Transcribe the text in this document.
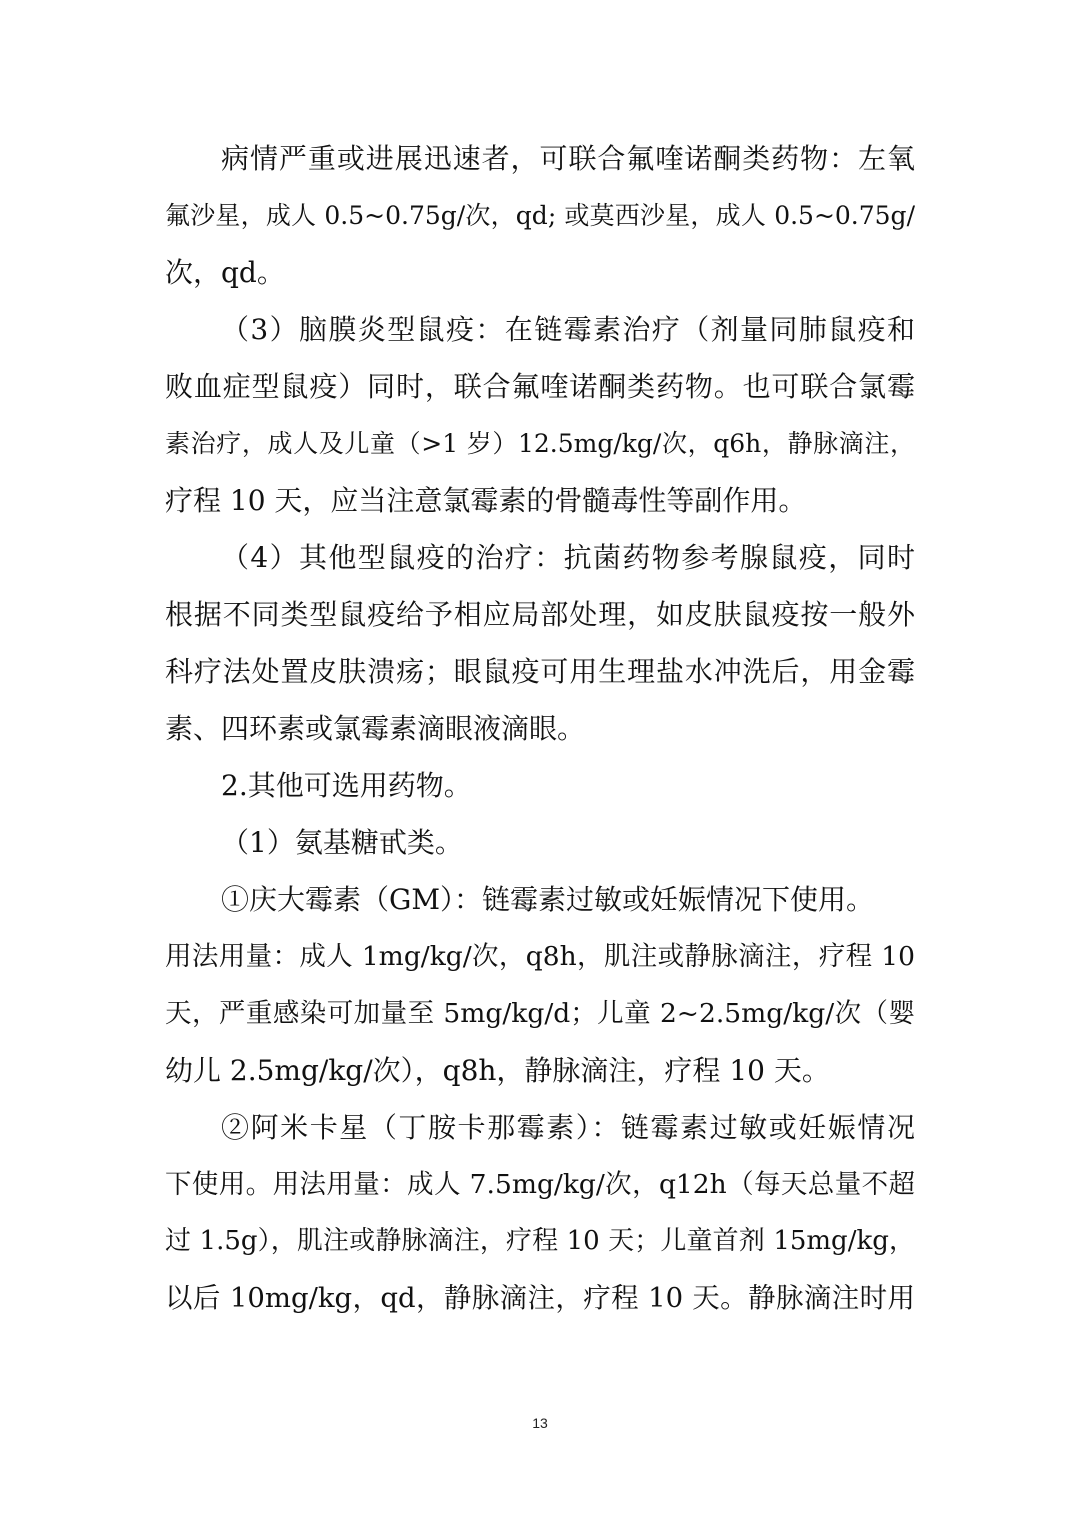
病情严重或进展迅速者，可联合氟喹诺酮类药物：左氧
氟沙星，成人 0.5~0.75g/次，qd; 或莫西沙星，成人 0.5~0.75g/
次，qd。
（3）脑膜炎型鼠疫：在链霉素治疗（剂量同肺鼠疫和
败血症型鼠疫）同时，联合氟喹诺酮类药物。也可联合氯霉
素治疗，成人及儿童（>1 岁）12.5mg/kg/次，q6h，静脉滴注，
疗程 10 天，应当注意氯霉素的骨髓毒性等副作用。
（4）其他型鼠疫的治疗：抗菌药物参考腺鼠疫，同时
根据不同类型鼠疫给予相应局部处理，如皮肤鼠疫按一般外
科疗法处置皮肤溃疡；眼鼠疫可用生理盐水冲洗后，用金霉
素、四环素或氯霉素滴眼液滴眼。
2.其他可选用药物。
（1）氨基糖甙类。
①庆大霉素（GM）：链霉素过敏或妊娠情况下使用。
用法用量：成人 1mg/kg/次，q8h，肌注或静脉滴注，疗程 10
天，严重感染可加量至 5mg/kg/d；儿童 2~2.5mg/kg/次（婴
幼儿 2.5mg/kg/次），q8h，静脉滴注，疗程 10 天。
②阿米卡星（丁胺卡那霉素）：链霉素过敏或妊娠情况
下使用。用法用量：成人 7.5mg/kg/次，q12h（每天总量不超
过 1.5g），肌注或静脉滴注，疗程 10 天；儿童首剂 15mg/kg，
以后 10mg/kg，qd，静脉滴注，疗程 10 天。静脉滴注时用
13
